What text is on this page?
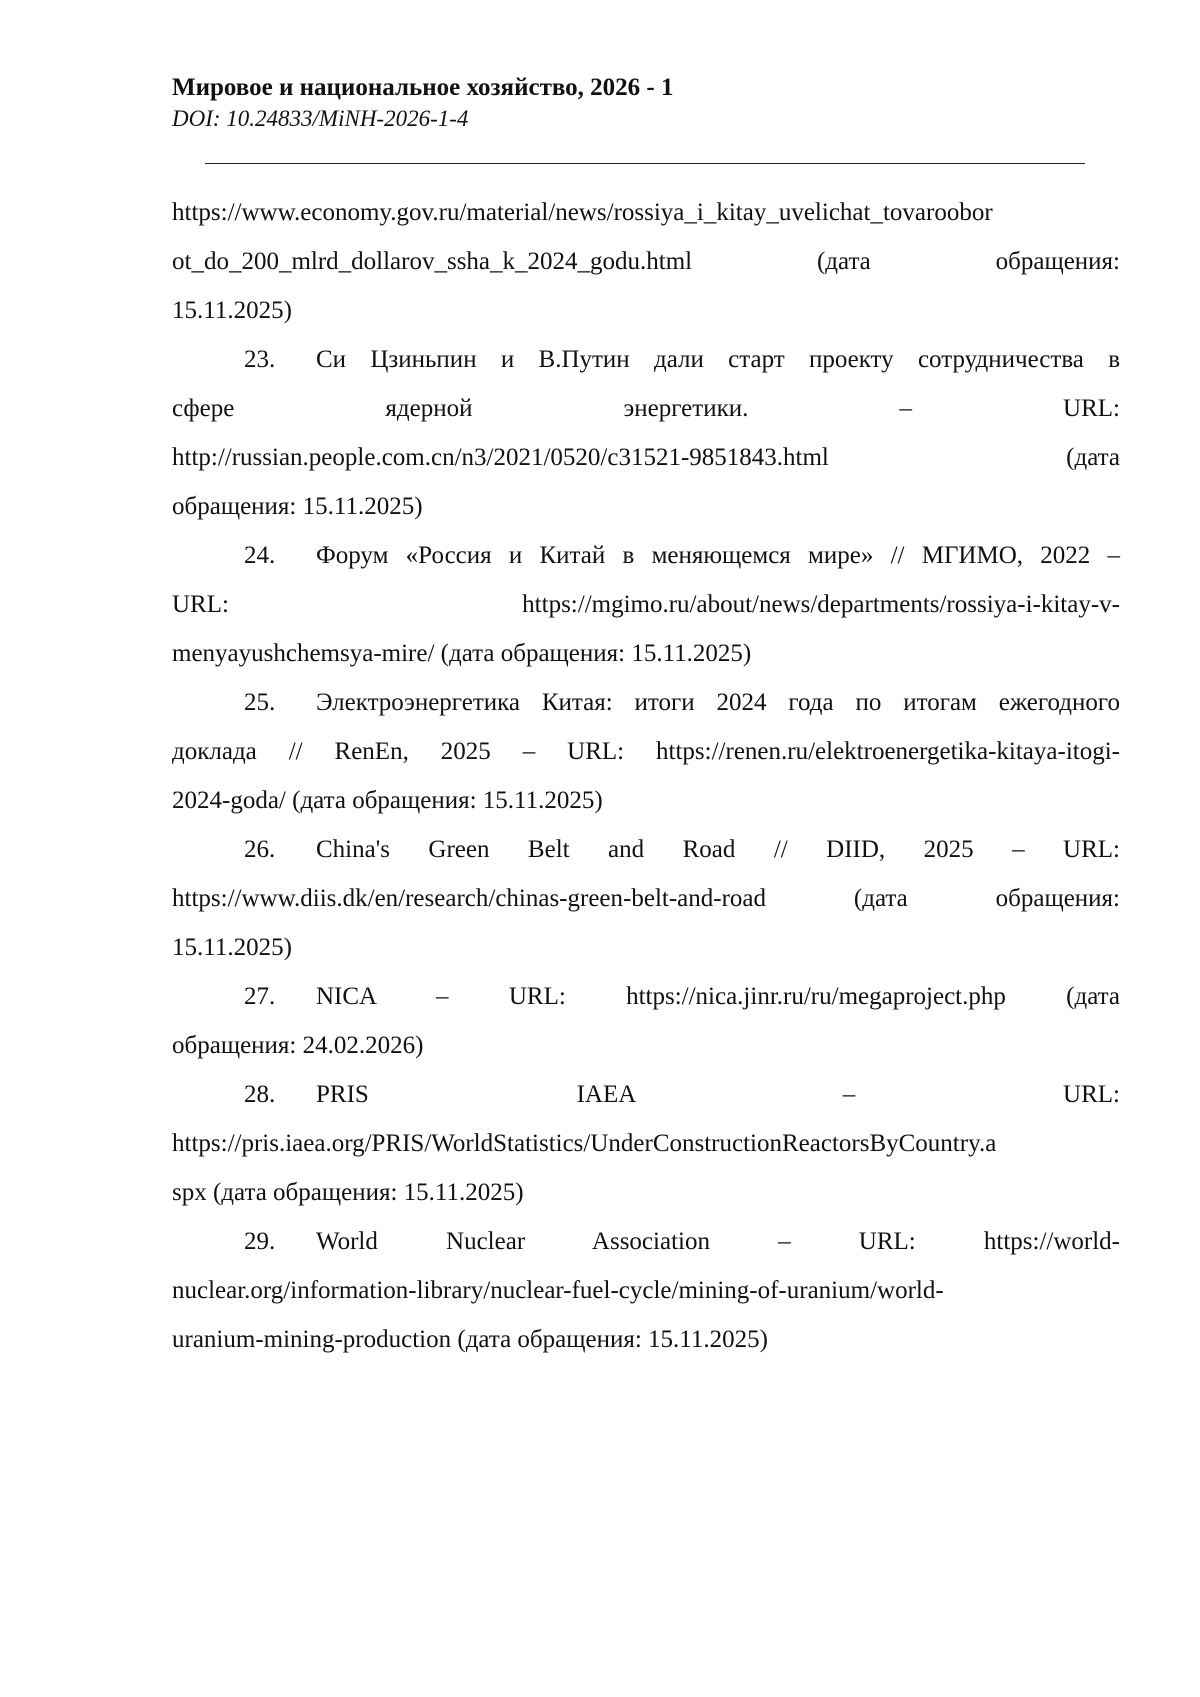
Мировое и национальное хозяйство, 2026 - 1

DOI: 10.24833/MiNH-2026-1-4

https://www.economy.gov.ru/material/news/rossiya_i_kitay_uvelichat_tovaroobor
ot_do_200_mlrd_dollarov_ssha_k_2024_godu.html (дата обращения:
15.11.2025)
23. Си Цзиньпин и В.Путин дали старт проекту сотрудничества в
сфере ядерной энергетики. – URL:
http://russian.people.com.cn/n3/2021/0520/c31521-9851843.html (дата
обращения: 15.11.2025)
24. Форум «Россия и Китай в меняющемся мире» // МГИМО, 2022 –
URL: https://mgimo.ru/about/news/departments/rossiya-i-kitay-v-
menyayushchemsya-mire/ (дата обращения: 15.11.2025)
25. Электроэнергетика Китая: итоги 2024 года по итогам ежегодного
доклада // RenEn, 2025 – URL: https://renen.ru/elektroenergetika-kitaya-itogi-
2024-goda/ (дата обращения: 15.11.2025)
26. China's Green Belt and Road // DIID, 2025 – URL:
https://www.diis.dk/en/research/chinas-green-belt-and-road (дата обращения:
15.11.2025)
27. NICA – URL: https://nica.jinr.ru/ru/megaproject.php (дата
обращения: 24.02.2026)
28. PRIS IAEA – URL:
https://pris.iaea.org/PRIS/WorldStatistics/UnderConstructionReactorsByCountry.a
spx (дата обращения: 15.11.2025)
29. World Nuclear Association – URL: https://world-
nuclear.org/information-library/nuclear-fuel-cycle/mining-of-uranium/world-
uranium-mining-production (дата обращения: 15.11.2025)
